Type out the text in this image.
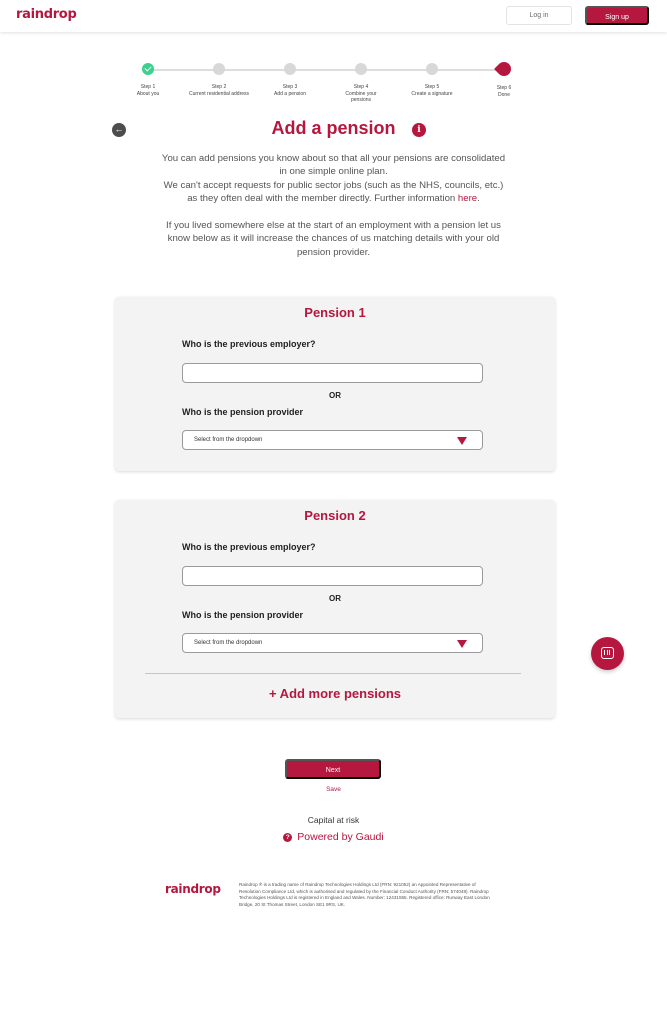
raindrop	Log in	Sign up
Step 1
About you
Step 2
Current residential address
Step 3
Add a pension
Step 4
Combine your pensions
Step 5
Create a signature
Step 6
Done
←	Add a pension	i

You can add pensions you know about so that all your pensions are consolidated in one simple online plan.

We can't accept requests for public sector jobs (such as the NHS, councils, etc.) as they often deal with the member directly. Further information here.

If you lived somewhere else at the start of an employment with a pension let us know below as it will increase the chances of us matching details with your old pension provider.

Pension 1
Who is the previous employer?
OR
Who is the pension provider
Select from the dropdown
Pension 2
Who is the previous employer?
OR
Who is the pension provider
Select from the dropdown
+ Add more pensions
Next
Save
Capital at risk
? Powered by Gaudi
raindrop	Raindrop ® is a trading name of Raindrop Technologies Holdings Ltd (FRN: 921052) an Appointed Representative of Resolution Compliance Ltd, which is authorised and regulated by the Financial Conduct Authority (FRN: 574048). Raindrop Technologies Holdings Ltd is registered in England and Wales. Number: 12431555. Registered office: Runway East London Bridge, 20 St Thomas Street, London SE1 9RS, UK.
